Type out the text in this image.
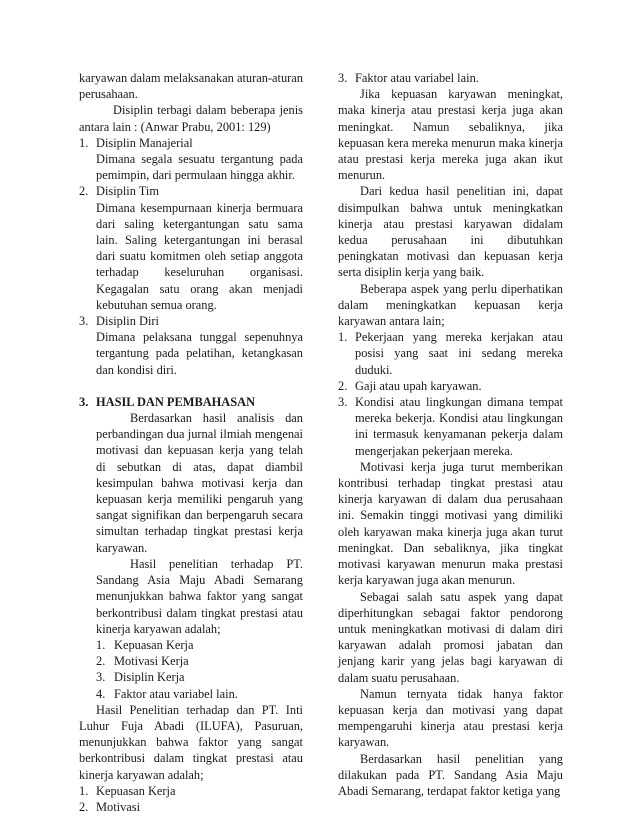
karyawan dalam melaksanakan aturan-aturan perusahaan.

Disiplin terbagi dalam beberapa jenis antara lain : (Anwar Prabu, 2001: 129)

1. Disiplin Manajerial
Dimana segala sesuatu tergantung pada pemimpin, dari permulaan hingga akhir.
2. Disiplin Tim
Dimana kesempurnaan kinerja bermuara dari saling ketergantungan satu sama lain. Saling ketergantungan ini berasal dari suatu komitmen oleh setiap anggota terhadap keseluruhan organisasi. Kegagalan satu orang akan menjadi kebutuhan semua orang.
3. Disiplin Diri
Dimana pelaksana tunggal sepenuhnya tergantung pada pelatihan, ketangkasan dan kondisi diri.
3. HASIL DAN PEMBAHASAN

Berdasarkan hasil analisis dan perbandingan dua jurnal ilmiah mengenai motivasi dan kepuasan kerja yang telah di sebutkan di atas, dapat diambil kesimpulan bahwa motivasi kerja dan kepuasan kerja memiliki pengaruh yang sangat signifikan dan berpengaruh secara simultan terhadap tingkat prestasi kerja karyawan.

Hasil penelitian terhadap PT. Sandang Asia Maju Abadi Semarang menunjukkan bahwa faktor yang sangat berkontribusi dalam tingkat prestasi atau kinerja karyawan adalah;

1. Kepuasan Kerja
2. Motivasi Kerja
3. Disiplin Kerja
4. Faktor atau variabel lain.

Hasil Penelitian terhadap dan PT. Inti Luhur Fuja Abadi (ILUFA), Pasuruan, menunjukkan bahwa faktor yang sangat berkontribusi dalam tingkat prestasi atau kinerja karyawan adalah;

1. Kepuasan Kerja
2. Motivasi
3. Faktor atau variabel lain.

Jika kepuasan karyawan meningkat, maka kinerja atau prestasi kerja juga akan meningkat. Namun sebaliknya, jika kepuasan kera mereka menurun maka kinerja atau prestasi kerja mereka juga akan ikut menurun.

Dari kedua hasil penelitian ini, dapat disimpulkan bahwa untuk meningkatkan kinerja atau prestasi karyawan didalam kedua perusahaan ini dibutuhkan peningkatan motivasi dan kepuasan kerja serta disiplin kerja yang baik.

Beberapa aspek yang perlu diperhatikan dalam meningkatkan kepuasan kerja karyawan antara lain;

1. Pekerjaan yang mereka kerjakan atau posisi yang saat ini sedang mereka duduki.
2. Gaji atau upah karyawan.
3. Kondisi atau lingkungan dimana tempat mereka bekerja. Kondisi atau lingkungan ini termasuk kenyamanan pekerja dalam mengerjakan pekerjaan mereka.

Motivasi kerja juga turut memberikan kontribusi terhadap tingkat prestasi atau kinerja karyawan di dalam dua perusahaan ini. Semakin tinggi motivasi yang dimiliki oleh karyawan maka kinerja juga akan turut meningkat. Dan sebaliknya, jika tingkat motivasi karyawan menurun maka prestasi kerja karyawan juga akan menurun.

Sebagai salah satu aspek yang dapat diperhitungkan sebagai faktor pendorong untuk meningkatkan motivasi di dalam diri karyawan adalah promosi jabatan dan jenjang karir yang jelas bagi karyawan di dalam suatu perusahaan.

Namun ternyata tidak hanya faktor kepuasan kerja dan motivasi yang dapat mempengaruhi kinerja atau prestasi kerja karyawan.

Berdasarkan hasil penelitian yang dilakukan pada PT. Sandang Asia Maju Abadi Semarang, terdapat faktor ketiga yang
